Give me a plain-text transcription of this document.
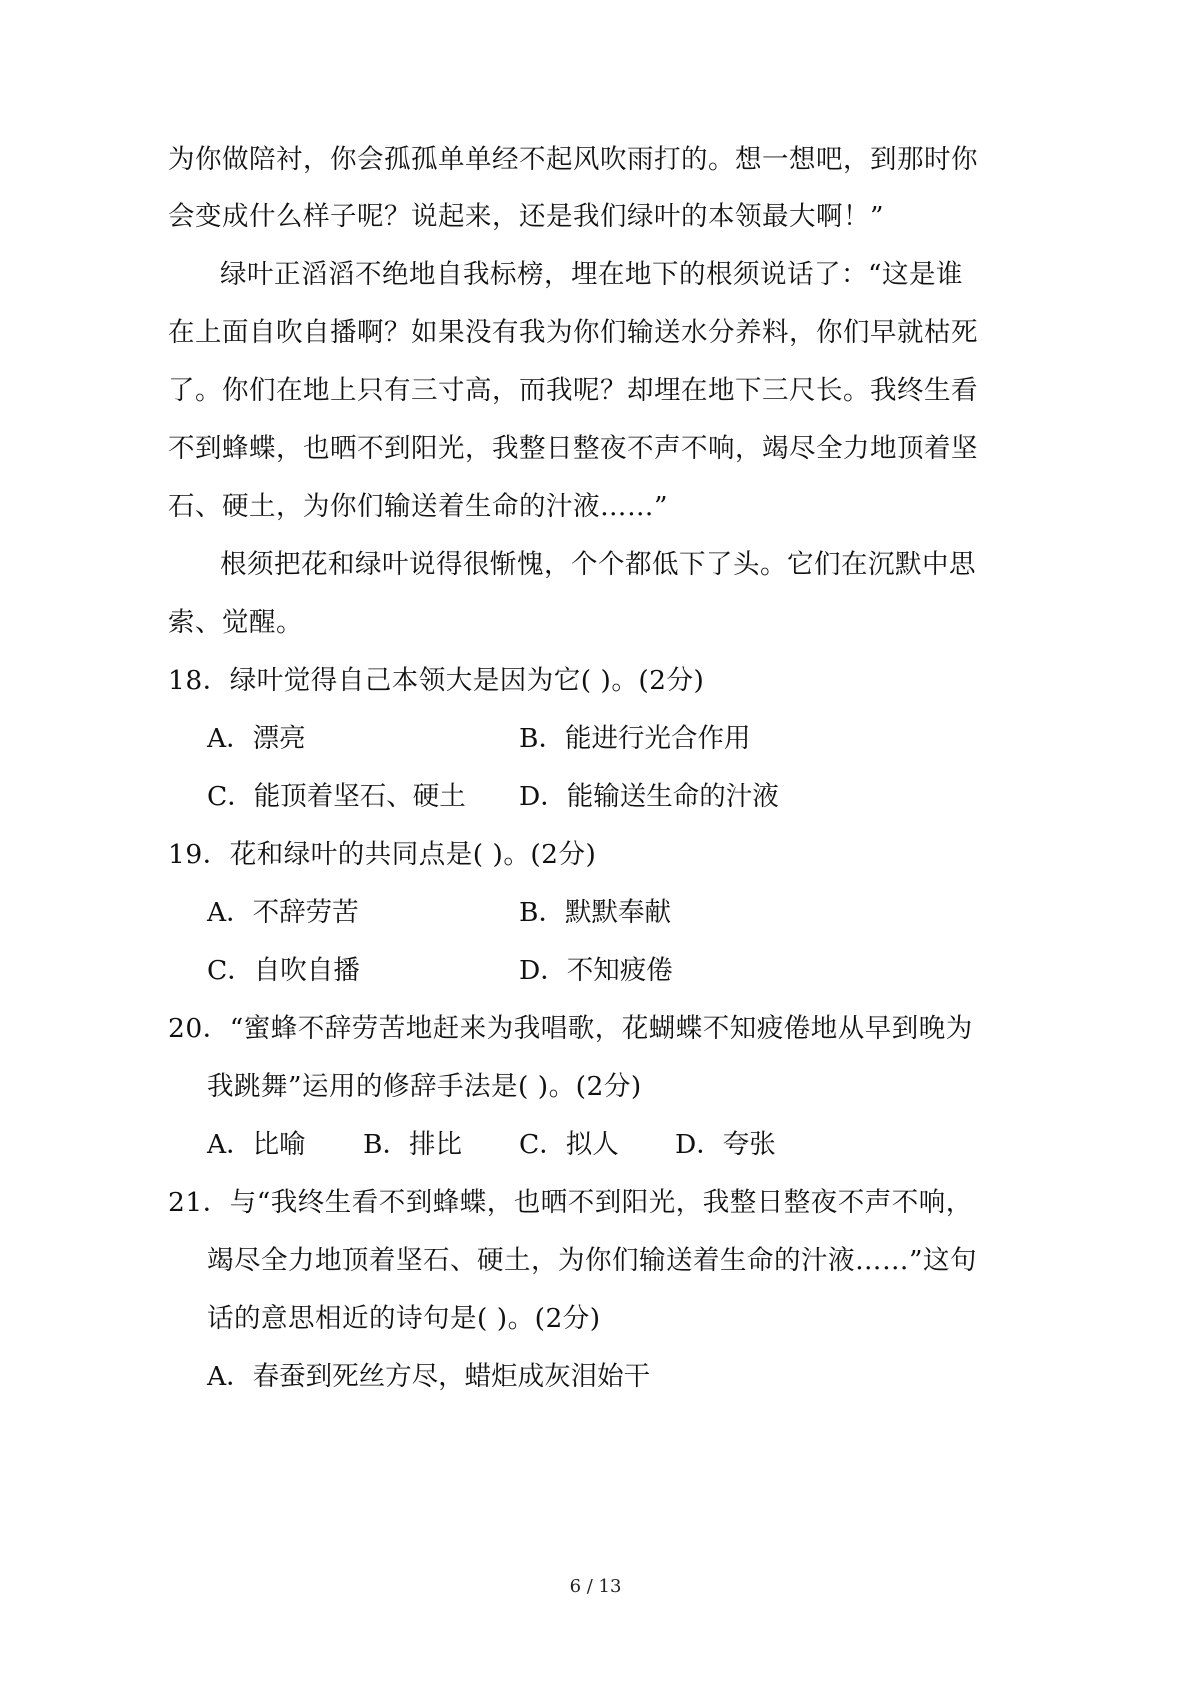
为你做陪衬，你会孤孤单单经不起风吹雨打的。想一想吧，到那时你
会变成什么样子呢？说起来，还是我们绿叶的本领最大啊！”
绿叶正滔滔不绝地自我标榜，埋在地下的根须说话了：“这是谁
在上面自吹自播啊？如果没有我为你们输送水分养料，你们早就枯死
了。你们在地上只有三寸高，而我呢？却埋在地下三尺长。我终生看
不到蜂蝶，也晒不到阳光，我整日整夜不声不响，竭尽全力地顶着坚
石、硬土，为你们输送着生命的汁液……”
根须把花和绿叶说得很惭愧，个个都低下了头。它们在沉默中思
索、觉醒。
18．绿叶觉得自己本领大是因为它( )。(2分)
A．漂亮	B．能进行光合作用
C．能顶着坚石、硬土 D．能输送生命的汁液
19．花和绿叶的共同点是( )。(2分)
A．不辞劳苦	B．默默奉献
C．自吹自播	D．不知疲倦
20．“蜜蜂不辞劳苦地赶来为我唱歌，花蝴蝶不知疲倦地从早到晚为
我跳舞”运用的修辞手法是( )。(2分)
A．比喻 B．排比 C．拟人 D．夸张
21．与“我终生看不到蜂蝶，也晒不到阳光，我整日整夜不声不响，
竭尽全力地顶着坚石、硬土，为你们输送着生命的汁液……”这句
话的意思相近的诗句是( )。(2分)
A．春蚕到死丝方尽，蜡炬成灰泪始干
6 / 13
